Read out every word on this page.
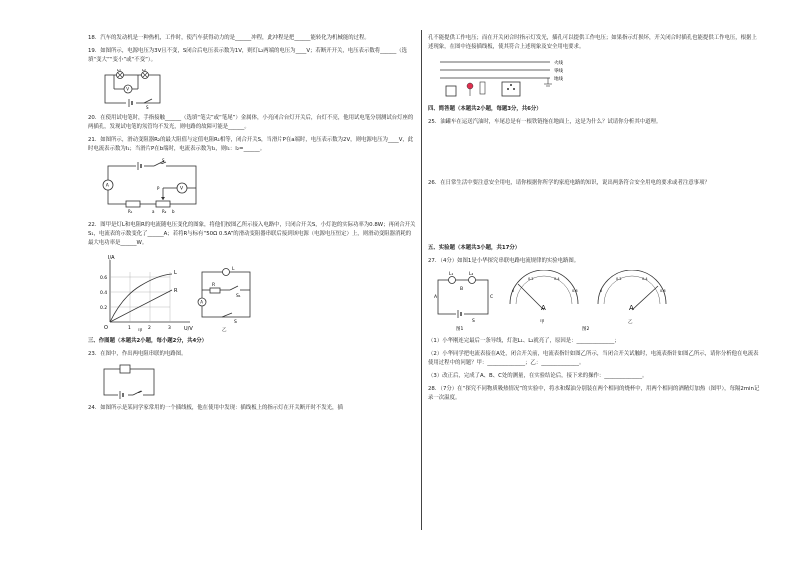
18．汽车的发动机是一种热机，工作时，使汽车获得动力的是______冲程，此冲程是把______能转化为机械能的过程。

19．如图所示，电源电压为3V且不变，S闭合后电压表示数为1V，则灯L₂两端的电压为____V；若断开开关，电压表示数将______（选填“变大”“变小”或“不变”）。

L₁	L₂
V
S

20．在使用试电笔时，手指接触______（选填“笔尖”或“笔尾”）金属体，小亮闭合台灯开关后，台灯不亮，他用试电笔分别测试台灯座的两插孔，发现试电笔的氖管均不发光，则电路的故障可能是______。

21．如图所示，滑动变阻器R₂的最大阻值与定值电阻R₁相等，闭合开关S，当滑片P在a端时，电压表示数为2V，则电源电压为____V，此时电流表示数为I₁；当滑片P在b端时，电流表示数为I₂，则I₁：I₂=______。

A
V
S
R₁	R₂
P
a	b

22．图甲是灯L和电阻R的电流随电压变化的图象，将他们按图乙所示接入电路中，只闭合开关S，小灯泡的实际功率为0.8W；再闭合开关S₁，电流表的示数变化了______A；若将R与标有“50Ω 0.5A”的滑动变阻器串联后接到该电源（电源电压恒定）上，则滑动变阻器消耗的最大电功率是______W。

I/A
U/V
O
L
R
0.6
0.4
0.2
1	2	3
甲
L
R
A
S
S₁
乙

三、作图题（本题共2小题，每小题2分，共4分）

23．在图中，作出两电阻串联的电路图。

24．如图所示是某同学家常用的一个插线板，他在使用中发现：插线板上的指示灯在开关断开时不发光，插

孔不能提供工作电压；而在开关闭合时指示灯发光，插孔可以提供工作电压；如果指示灯损坏，开关闭合时插孔也能提供工作电压，根据上述现象，在图中连接插线板，使其符合上述现象及安全用电要求。

火线
零线
地线

四、简答题（本题共2小题，每题3分，共6分）

25．油罐车在运送汽油时，车尾总是有一根铁链拖在地面上，这是为什么？试请你分析其中道理。

26．在日常生活中要注意安全用电，请你根据你所学的家庭电路的知识，说出两条符合安全用电的要求或者注意事项？

五、实验题（本题共3小题，共17分）

27．（4分）如图1是小华探究串联电路电流规律的实验电路图。

L₁	L₂
A
B
C
S
图1
A
0
0.2	0.4
0.6
甲
A
0
0.2	0.4
0.6
乙
图2

（1）小华刚连完最后一条导线，灯泡L₁、L₂就亮了，原因是：______________；

（2）小华同学把电流表接在A处，闭合开关前，电流表指针如图乙所示，当闭合开关试触时，电流表指针如图乙所示，请你分析他在电流表使用过程中的问题？甲：______________；乙：______________。

（3）改正后，完成了A、B、C处的测量，在实验结论后，接下来的操作：______________。

28．（7分）在“探究不同物质吸热情况”的实验中，将水和煤油分别装在两个相同的烧杯中，用两个相同的酒精灯加热（图甲），每隔2min记录一次温度。
